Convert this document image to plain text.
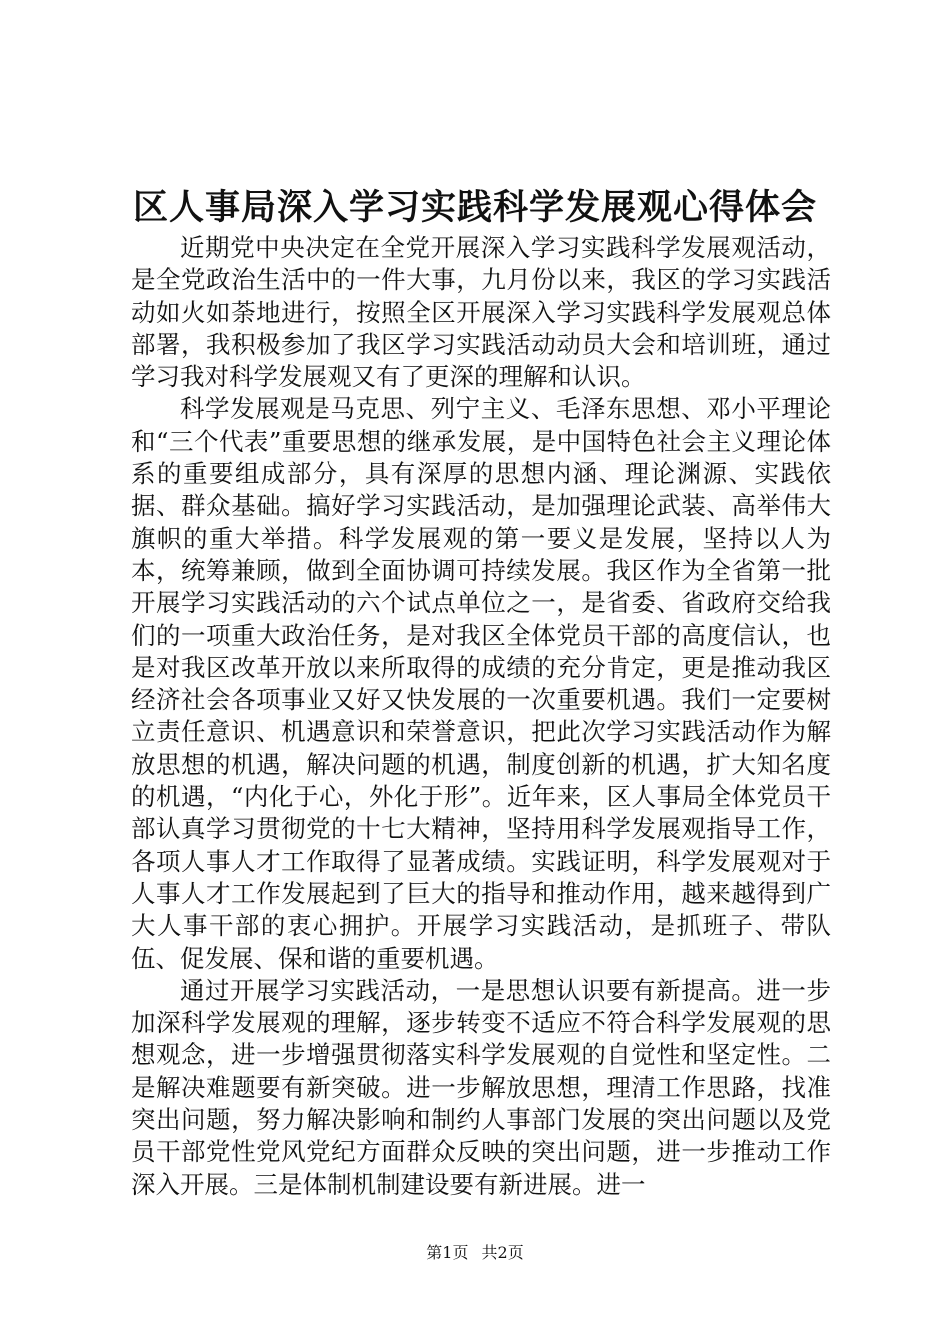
区人事局深入学习实践科学发展观心得体会

近期党中央决定在全党开展深入学习实践科学发展观活动，是全党政治生活中的一件大事，九月份以来，我区的学习实践活动如火如荼地进行，按照全区开展深入学习实践科学发展观总体部署，我积极参加了我区学习实践活动动员大会和培训班，通过学习我对科学发展观又有了更深的理解和认识。

科学发展观是马克思、列宁主义、毛泽东思想、邓小平理论和“三个代表”重要思想的继承发展，是中国特色社会主义理论体系的重要组成部分，具有深厚的思想内涵、理论渊源、实践依据、群众基础。搞好学习实践活动，是加强理论武装、高举伟大旗帜的重大举措。科学发展观的第一要义是发展，坚持以人为本，统筹兼顾，做到全面协调可持续发展。我区作为全省第一批开展学习实践活动的六个试点单位之一，是省委、省政府交给我们的一项重大政治任务，是对我区全体党员干部的高度信认，也是对我区改革开放以来所取得的成绩的充分肯定，更是推动我区经济社会各项事业又好又快发展的一次重要机遇。我们一定要树立责任意识、机遇意识和荣誉意识，把此次学习实践活动作为解放思想的机遇，解决问题的机遇，制度创新的机遇，扩大知名度的机遇，“内化于心，外化于形”。近年来，区人事局全体党员干部认真学习贯彻党的十七大精神，坚持用科学发展观指导工作，各项人事人才工作取得了显著成绩。实践证明，科学发展观对于人事人才工作发展起到了巨大的指导和推动作用，越来越得到广大人事干部的衷心拥护。开展学习实践活动，是抓班子、带队伍、促发展、保和谐的重要机遇。

通过开展学习实践活动，一是思想认识要有新提高。进一步加深科学发展观的理解，逐步转变不适应不符合科学发展观的思想观念，进一步增强贯彻落实科学发展观的自觉性和坚定性。二是解决难题要有新突破。进一步解放思想，理清工作思路，找准突出问题，努力解决影响和制约人事部门发展的突出问题以及党员干部党性党风党纪方面群众反映的突出问题，进一步推动工作深入开展。三是体制机制建设要有新进展。进一

第1页 共2页
